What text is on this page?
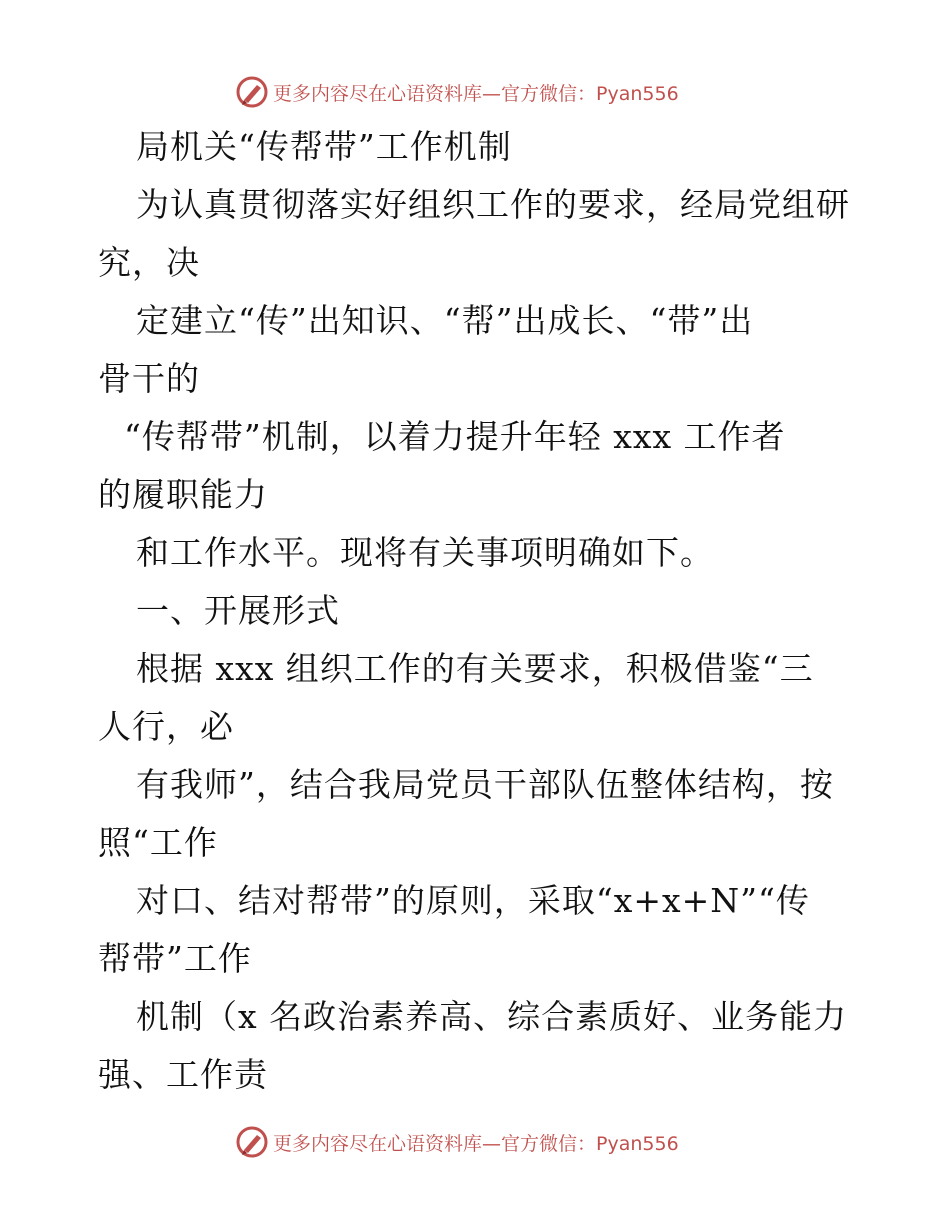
更多内容尽在心语资料库—官方微信：Pyan556
局机关“传帮带”工作机制
为认真贯彻落实好组织工作的要求，经局党组研
究，决
定建立“传”出知识、“帮”出成长、“带”出
骨干的
“传帮带”机制，以着力提升年轻 xxx 工作者
的履职能力
和工作水平。现将有关事项明确如下。
一、开展形式
根据 xxx 组织工作的有关要求，积极借鉴“三
人行，必
有我师”，结合我局党员干部队伍整体结构，按
照“工作
对口、结对帮带”的原则，采取“x+x+N”“传
帮带”工作
机制（x 名政治素养高、综合素质好、业务能力
强、工作责
更多内容尽在心语资料库—官方微信：Pyan556
